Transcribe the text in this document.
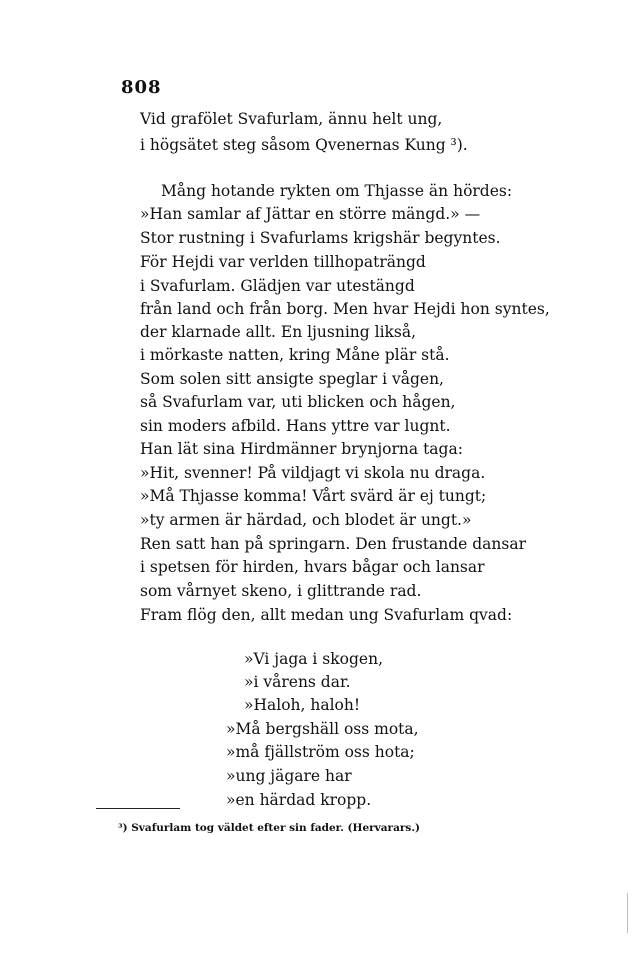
808
Vid grafölet Svafurlam, ännu helt ung,
i högsätet steg såsom Qvenernas Kung ³).
Mång hotande rykten om Thjasse än hördes:
»Han samlar af Jättar en större mängd.» —
Stor rustning i Svafurlams krigshär begyntes.
För Hejdi var verlden tillhopaträngd
i Svafurlam. Glädjen var utestängd
från land och från borg. Men hvar Hejdi hon syntes,
der klarnade allt. En ljusning likså,
i mörkaste natten, kring Måne plär stå.
Som solen sitt ansigte speglar i vågen,
så Svafurlam var, uti blicken och hågen,
sin moders afbild. Hans yttre var lugnt.
Han lät sina Hirdmänner brynjorna taga:
»Hit, svenner! På vildjagt vi skola nu draga.
»Må Thjasse komma! Vårt svärd är ej tungt;
»ty armen är härdad, och blodet är ungt.»
Ren satt han på springarn. Den frustande dansar
i spetsen för hirden, hvars bågar och lansar
som vårnyet skeno, i glittrande rad.
Fram flög den, allt medan ung Svafurlam qvad:
»Vi jaga i skogen,
»i vårens dar.
»Haloh, haloh!
»Må bergshäll oss mota,
»må fjällström oss hota;
»ung jägare har
»en härdad kropp.
³) Svafurlam tog väldet efter sin fader. (Hervarars.)
